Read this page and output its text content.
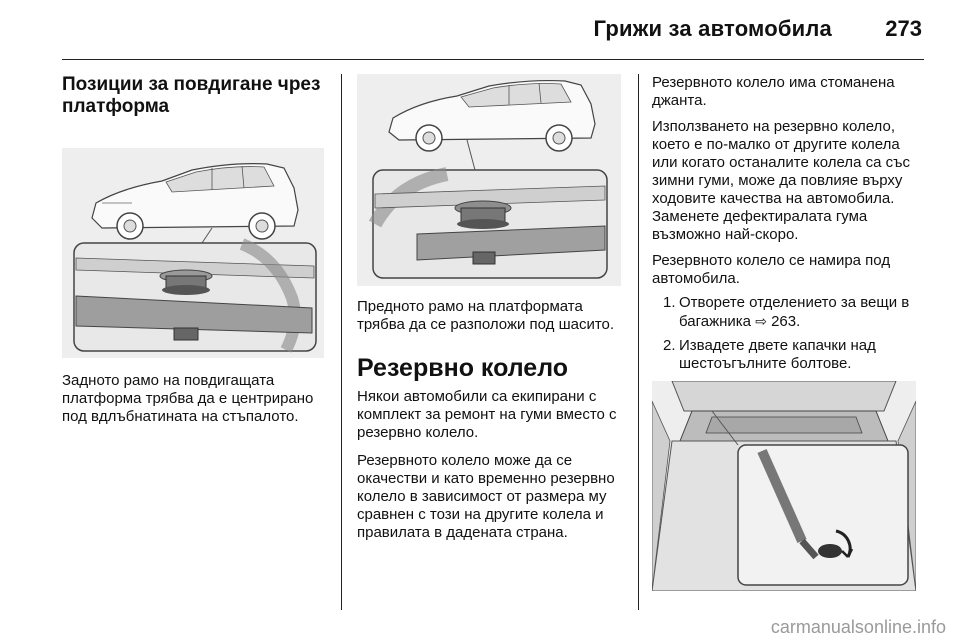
Грижи за автомобила 273
Позиции за повдигане чрез платформа

Задното рамо на повдигащата платформа трябва да е центрирано под вдлъбнатината на стъпалото.

Предното рамо на платформата трябва да се разположи под шасито.

Резервно колело

Някои автомобили са екипирани с комплект за ремонт на гуми вместо с резервно колело.

Резервното колело може да се окачестви и като временно резервно колело в зависимост от размера му сравнен с този на другите колела и правилата в дадената страна.

Резервното колело има стоманена джанта.

Използването на резервно колело, което е по-малко от другите колела или когато останалите колела са със зимни гуми, може да повлияе върху ходовите качества на автомобила. Заменете дефектиралата гума възможно най-скоро.

Резервното колело се намира под автомобила.

1. Отворете отделението за вещи в багажника ⇨ 263.
2. Извадете двете капачки над шестоъгълните болтове.
carmanualsonline.info
